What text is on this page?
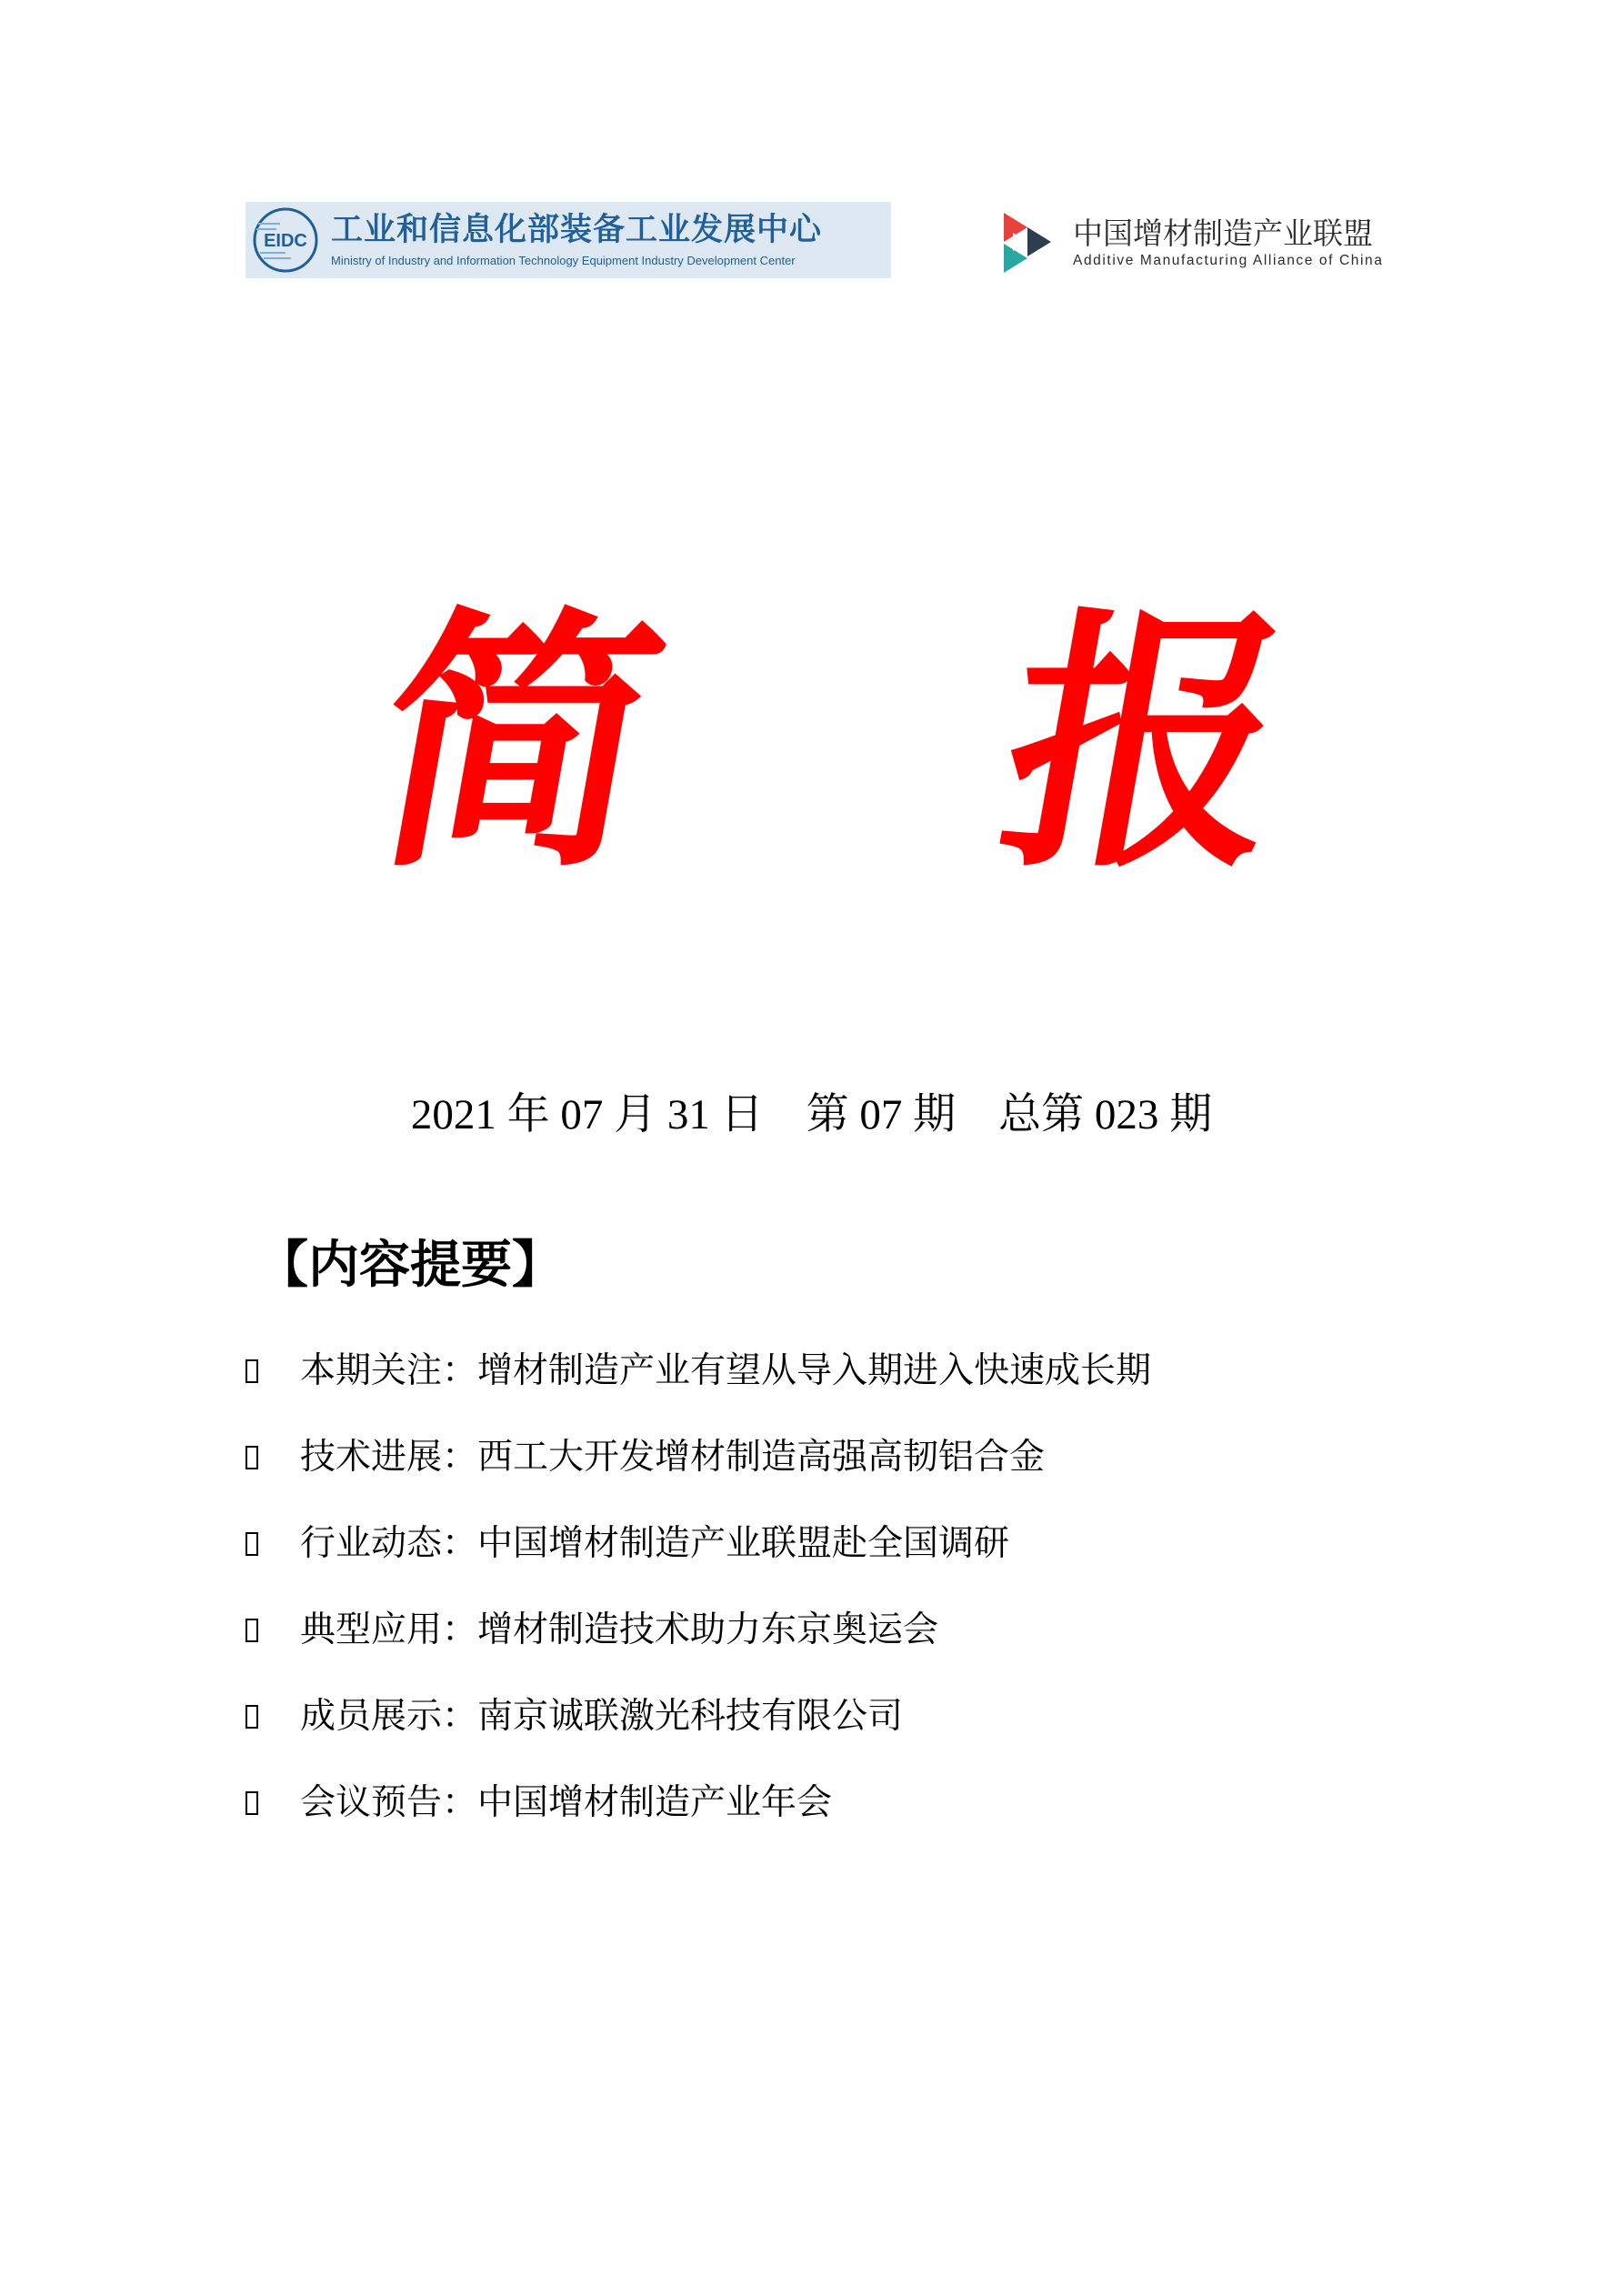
EIDC 工业和信息化部装备工业发展中心
Ministry of Industry and Information Technology Equipment Industry Development Center
中国增材制造产业联盟
Additive Manufacturing Alliance of China
简 报
2021 年 07 月 31 日    第 07 期    总第 023 期
【内容提要】
本期关注：增材制造产业有望从导入期进入快速成长期
技术进展：西工大开发增材制造高强高韧铝合金
行业动态：中国增材制造产业联盟赴全国调研
典型应用：增材制造技术助力东京奥运会
成员展示：南京诚联激光科技有限公司
会议预告：中国增材制造产业年会
